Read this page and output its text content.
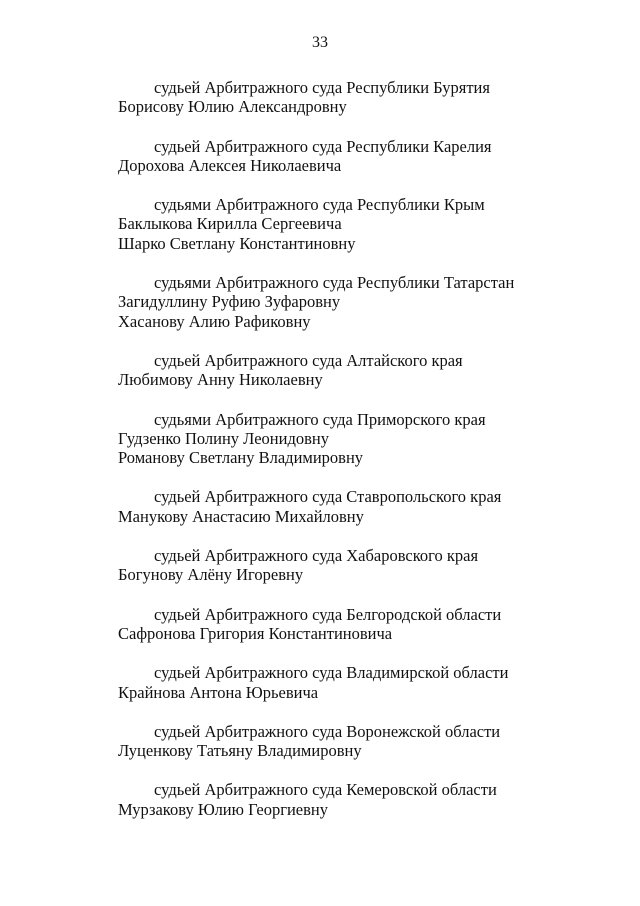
33
судьей Арбитражного суда Республики Бурятия
Борисову Юлию Александровну
судьей Арбитражного суда Республики Карелия
Дорохова Алексея Николаевича
судьями Арбитражного суда Республики Крым
Баклыкова Кирилла Сергеевича
Шарко Светлану Константиновну
судьями Арбитражного суда Республики Татарстан
Загидуллину Руфию Зуфаровну
Хасанову Алию Рафиковну
судьей Арбитражного суда Алтайского края
Любимову Анну Николаевну
судьями Арбитражного суда Приморского края
Гудзенко Полину Леонидовну
Романову Светлану Владимировну
судьей Арбитражного суда Ставропольского края
Манукову Анастасию Михайловну
судьей Арбитражного суда Хабаровского края
Богунову Алёну Игоревну
судьей Арбитражного суда Белгородской области
Сафронова Григория Константиновича
судьей Арбитражного суда Владимирской области
Крайнова Антона Юрьевича
судьей Арбитражного суда Воронежской области
Луценкову Татьяну Владимировну
судьей Арбитражного суда Кемеровской области
Мурзакову Юлию Георгиевну
